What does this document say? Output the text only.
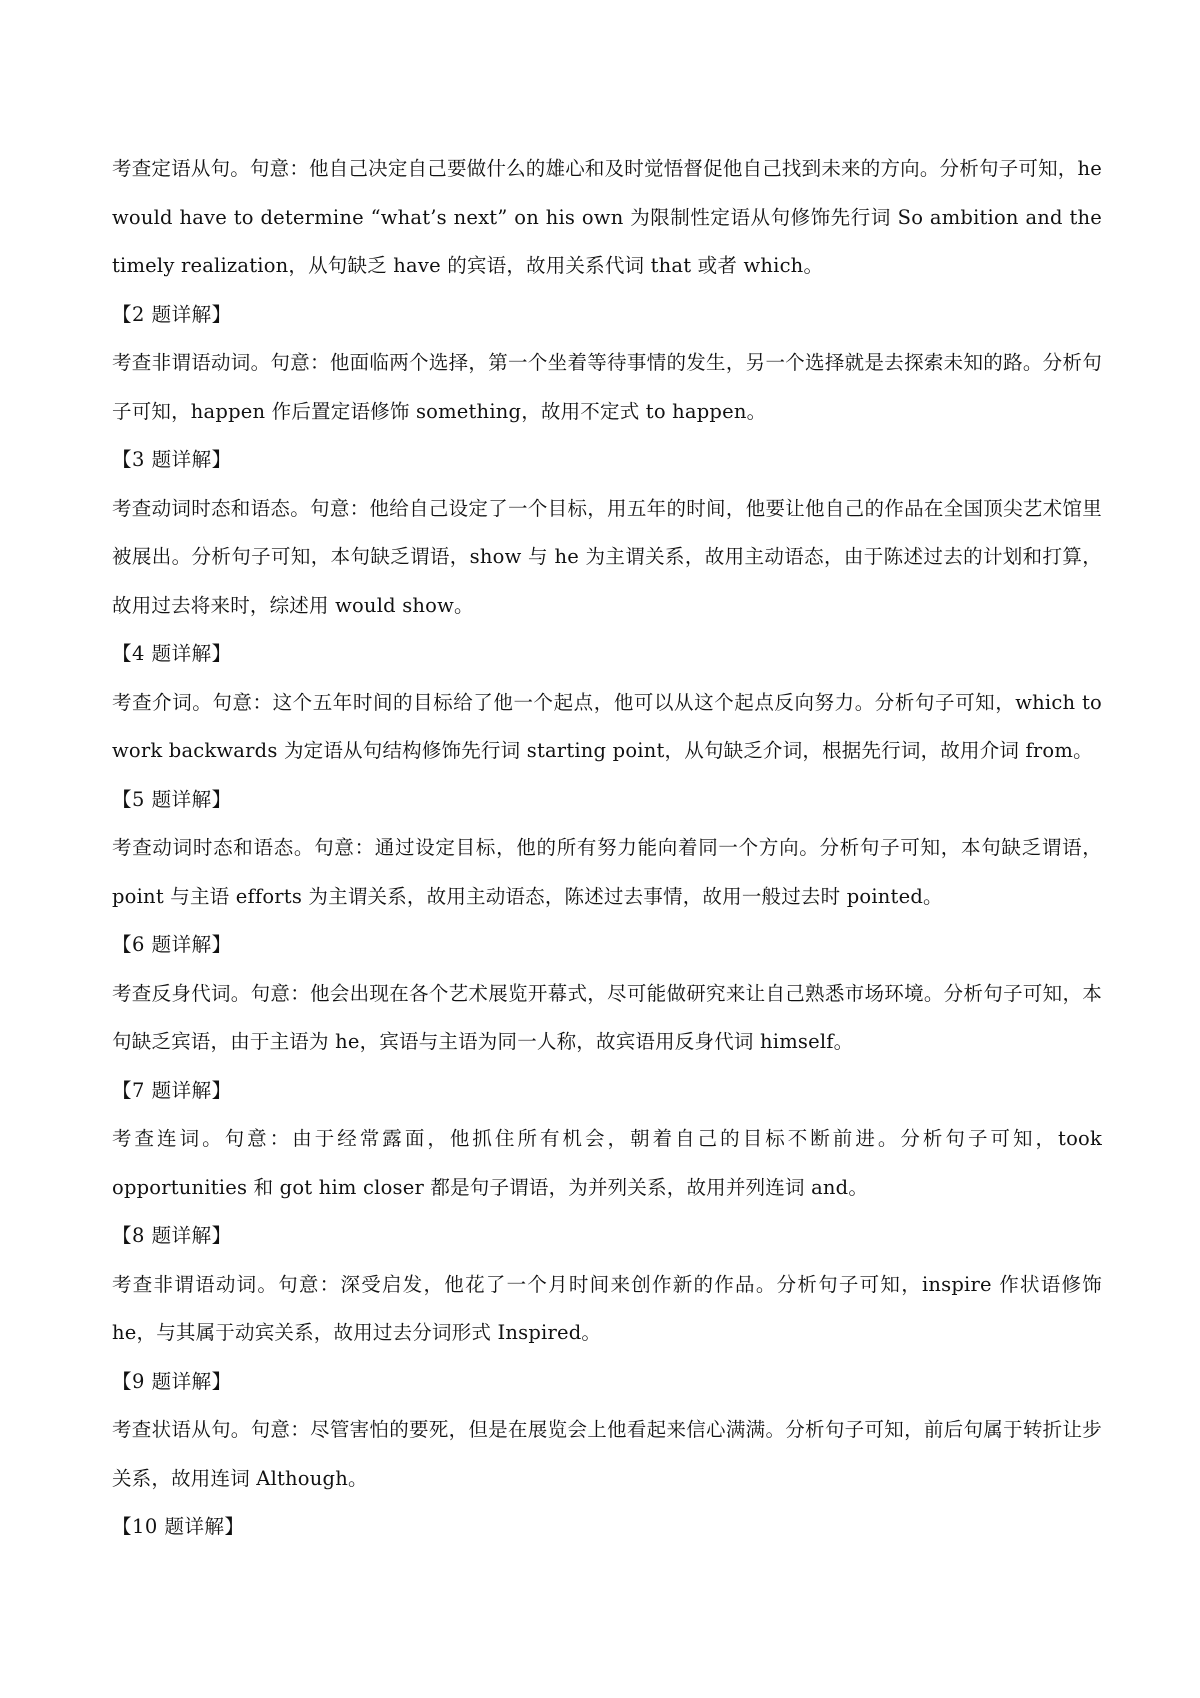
考查定语从句。句意：他自己决定自己要做什么的雄心和及时觉悟督促他自己找到未来的方向。分析句子可知，he would have to determine “what’s next” on his own 为限制性定语从句修饰先行词 So ambition and the timely realization，从句缺乏 have 的宾语，故用关系代词 that 或者 which。

【2 题详解】

考查非谓语动词。句意：他面临两个选择，第一个坐着等待事情的发生，另一个选择就是去探索未知的路。分析句子可知，happen 作后置定语修饰 something，故用不定式 to happen。

【3 题详解】

考查动词时态和语态。句意：他给自己设定了一个目标，用五年的时间，他要让他自己的作品在全国顶尖艺术馆里被展出。分析句子可知，本句缺乏谓语，show 与 he 为主谓关系，故用主动语态，由于陈述过去的计划和打算，故用过去将来时，综述用 would show。

【4 题详解】

考查介词。句意：这个五年时间的目标给了他一个起点，他可以从这个起点反向努力。分析句子可知，which to work backwards 为定语从句结构修饰先行词 starting point，从句缺乏介词，根据先行词，故用介词 from。

【5 题详解】

考查动词时态和语态。句意：通过设定目标，他的所有努力能向着同一个方向。分析句子可知，本句缺乏谓语，point 与主语 efforts 为主谓关系，故用主动语态，陈述过去事情，故用一般过去时 pointed。

【6 题详解】

考查反身代词。句意：他会出现在各个艺术展览开幕式，尽可能做研究来让自己熟悉市场环境。分析句子可知，本句缺乏宾语，由于主语为 he，宾语与主语为同一人称，故宾语用反身代词 himself。

【7 题详解】

考查连词。句意：由于经常露面，他抓住所有机会，朝着自己的目标不断前进。分析句子可知，took opportunities 和 got him closer 都是句子谓语，为并列关系，故用并列连词 and。

【8 题详解】

考查非谓语动词。句意：深受启发，他花了一个月时间来创作新的作品。分析句子可知，inspire 作状语修饰 he，与其属于动宾关系，故用过去分词形式 Inspired。

【9 题详解】

考查状语从句。句意：尽管害怕的要死，但是在展览会上他看起来信心满满。分析句子可知，前后句属于转折让步关系，故用连词 Although。

【10 题详解】
